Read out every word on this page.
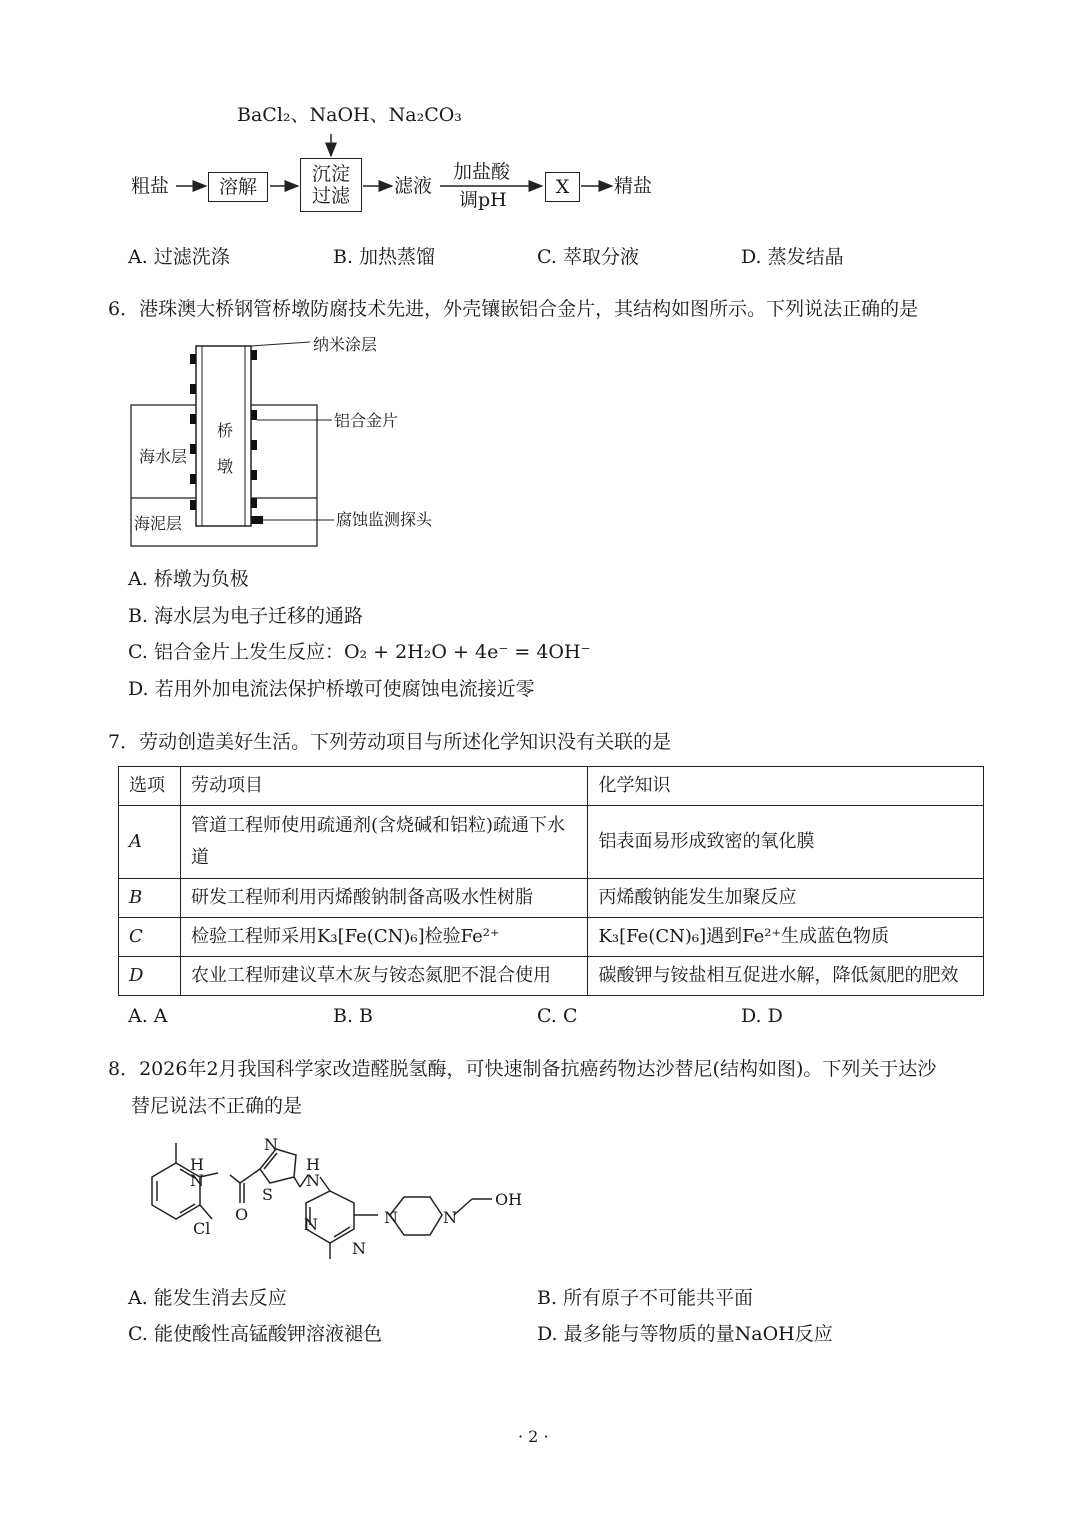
BaCl₂、NaOH、Na₂CO₃
粗盐	溶解
沉淀
过滤 滤液
加盐酸
调pH
X	精盐
A. 过滤洗涤	B. 加热蒸馏	C. 萃取分液	D. 蒸发结晶
6．港珠澳大桥钢管桥墩防腐技术先进，外壳镶嵌铝合金片，其结构如图所示。下列说法正确的是
纳米涂层
铝合金片
海水层
桥
墩
海泥层	腐蚀监测探头
A. 桥墩为负极
B. 海水层为电子迁移的通路
C. 铝合金片上发生反应：O₂ + 2H₂O + 4e⁻ = 4OH⁻
D. 若用外加电流法保护桥墩可使腐蚀电流接近零
7．劳动创造美好生活。下列劳动项目与所述化学知识没有关联的是
选项	劳动项目	化学知识
A	管道工程师使用疏通剂(含烧碱和铝粒)疏通下水道	铝表面易形成致密的氧化膜
B	研发工程师利用丙烯酸钠制备高吸水性树脂	丙烯酸钠能发生加聚反应
C	检验工程师采用K₃[Fe(CN)₆]检验Fe²⁺	K₃[Fe(CN)₆]遇到Fe²⁺生成蓝色物质
D	农业工程师建议草木灰与铵态氮肥不混合使用	碳酸钾与铵盐相互促进水解，降低氮肥的肥效
A. A	B. B	C. C	D. D
8．2026年2月我国科学家改造醛脱氢酶，可快速制备抗癌药物达沙替尼(结构如图)。下列关于达沙
替尼说法不正确的是
H
N
O
Cl
S
N
H
N
N
N
N	N
OH
A. 能发生消去反应	B. 所有原子不可能共平面
C. 能使酸性高锰酸钾溶液褪色	D. 最多能与等物质的量NaOH反应
· 2 ·
